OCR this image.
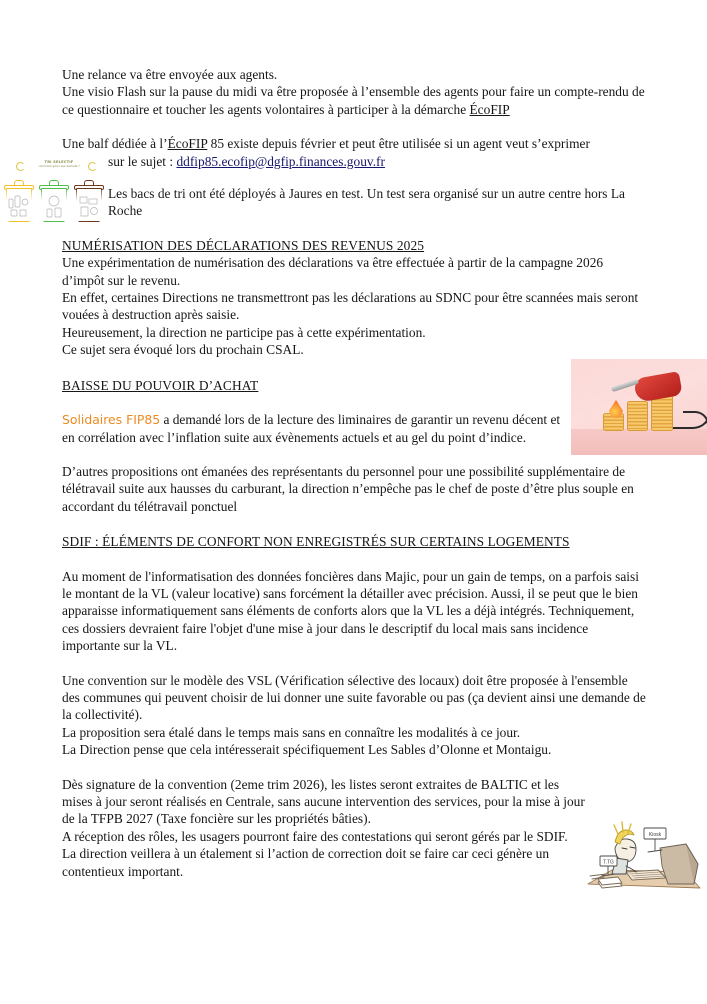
Une relance va être envoyée aux agents.

Une visio Flash sur la pause du midi va être proposée à l’ensemble des agents pour faire un compte-rendu de ce questionnaire et toucher les agents volontaires à participer à la démarche ÉcoFIP

Une balf dédiée à l’ÉcoFIP 85 existe depuis février et peut être utilisée si un agent veut s’exprimer

sur le sujet : ddfip85.ecofip@dgfip.finances.gouv.fr

Les bacs de tri ont été déployés à Jaures en test. Un test sera organisé sur un autre centre hors La Roche

NUMÉRISATION DES DÉCLARATIONS DES REVENUS 2025

Une expérimentation de numérisation des déclarations va être effectuée à partir de la campagne 2026 d’impôt sur le revenu.

En effet, certaines Directions ne transmettront pas les déclarations au SDNC pour être scannées mais seront vouées à destruction après saisie.

Heureusement, la direction ne participe pas à cette expérimentation.

Ce sujet sera évoqué lors du prochain CSAL.

BAISSE DU POUVOIR D’ACHAT

Solidaires FIP85 a demandé lors de la lecture des liminaires de garantir un revenu décent et en corrélation avec l’inflation suite aux évènements actuels et au gel du point d’indice.

D’autres propositions ont émanées des représentants du personnel pour une possibilité supplémentaire de télétravail suite aux hausses du carburant, la direction n’empêche pas le chef de poste d’être plus souple en accordant du télétravail ponctuel

SDIF : ÉLÉMENTS DE CONFORT NON ENREGISTRÉS SUR CERTAINS LOGEMENTS

Au moment de l'informatisation des données foncières dans Majic, pour un gain de temps, on a parfois saisi le montant de la VL (valeur locative) sans forcément la détailler avec précision. Aussi, il se peut que le bien apparaisse informatiquement sans éléments de conforts alors que la VL les a déjà intégrés. Techniquement, ces dossiers devraient faire l'objet d'une mise à jour dans le descriptif du local mais sans incidence importante sur la VL.

Une convention sur le modèle des VSL (Vérification sélective des locaux) doit être proposée à l'ensemble des communes qui peuvent choisir de lui donner une suite favorable ou pas (ça devient ainsi une demande de la collectivité).

La proposition sera étalé dans le temps mais sans en connaître les modalités à ce jour.

La Direction pense que cela intéresserait spécifiquement Les Sables d’Olonne et Montaigu.

Dès signature de la convention (2eme trim 2026), les listes seront extraites de BALTIC et les mises à jour seront réalisés en Centrale, sans aucune intervention des services, pour la mise à jour de la TFPB 2027 (Taxe foncière sur les propriétés bâties).

A réception des rôles, les usagers pourront faire des contestations qui seront gérés par le SDIF. La direction veillera à un étalement si l’action de correction doit se faire car ceci génère un contentieux important.

TRI SELECTIF
comment gérer ses déchets ?
T.TG
Kiosk
